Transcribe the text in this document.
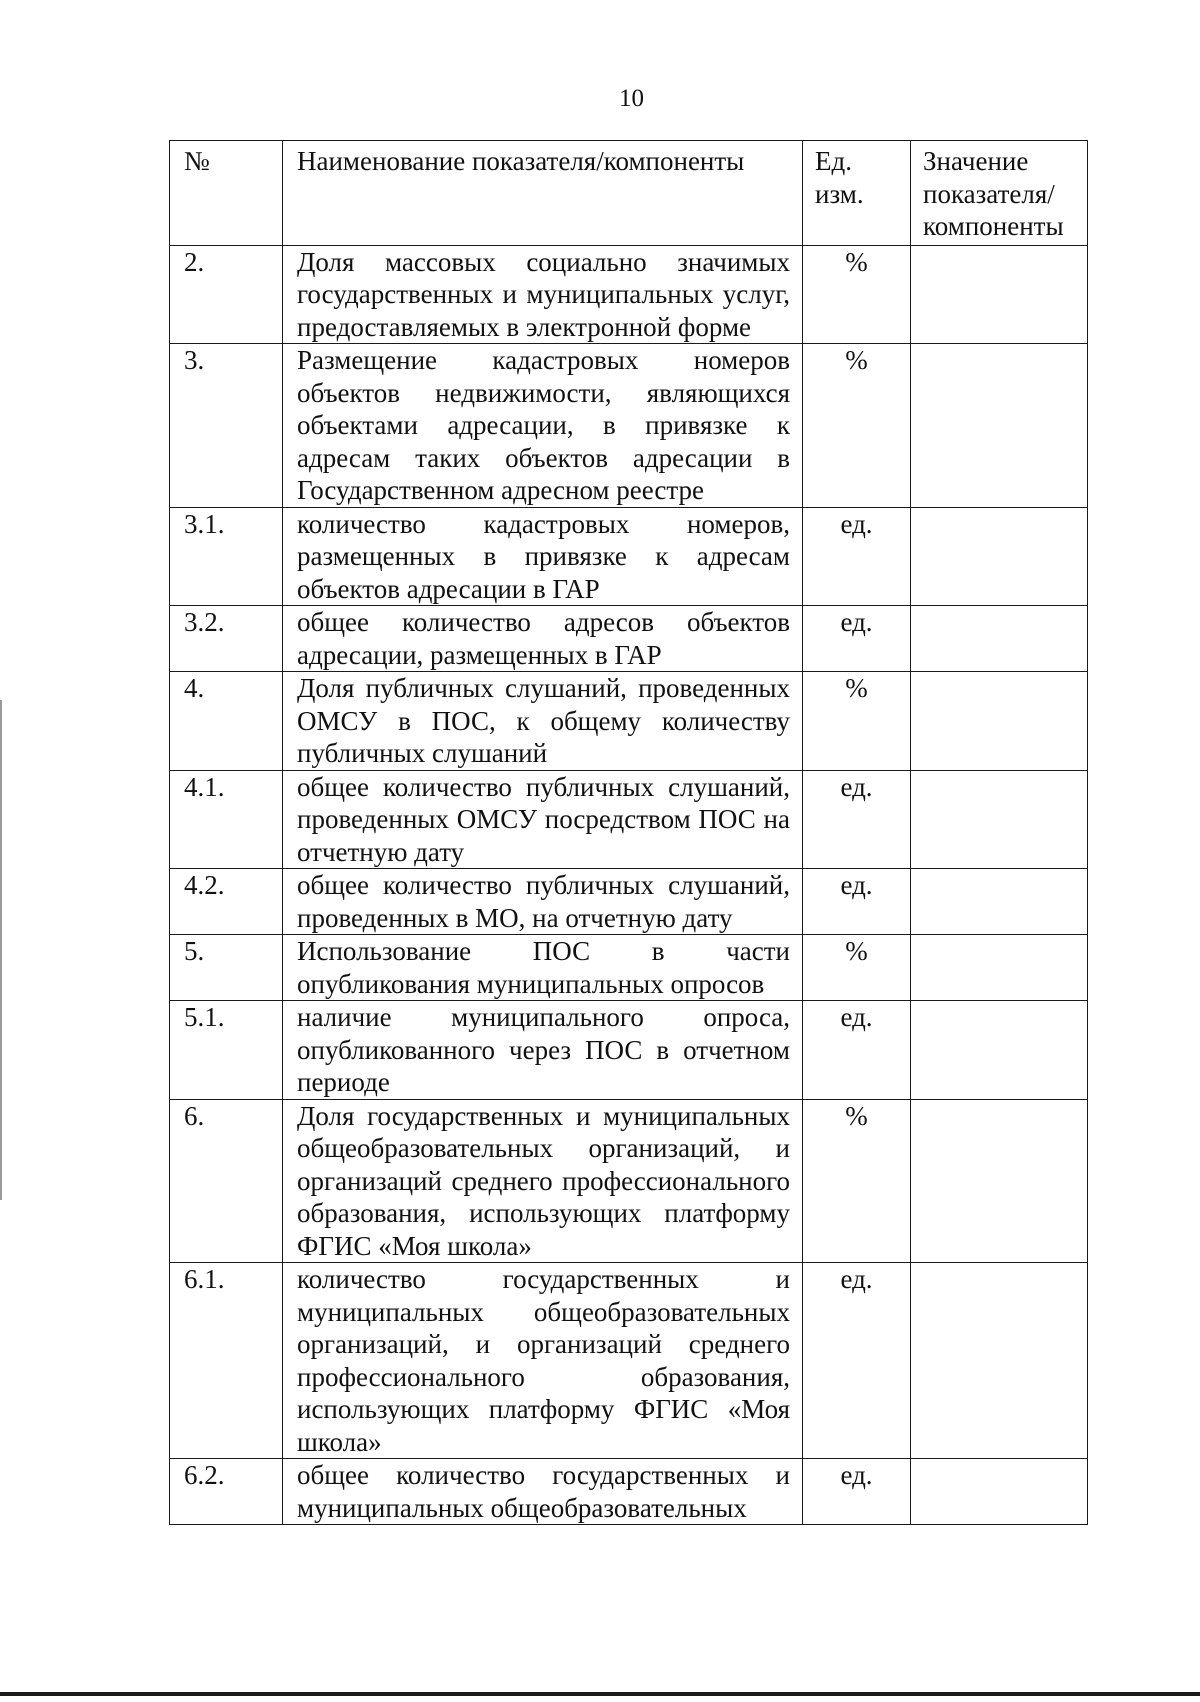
10
№	Наименование показателя/компоненты	Ед. изм.	Значение показателя/ компоненты
2.	Доля массовых социально значимых государственных и муниципальных услуг, предоставляемых в электронной форме	%	
3.	Размещение кадастровых номеров объектов недвижимости, являющихся объектами адресации, в привязке к адресам таких объектов адресации в Государственном адресном реестре	%	
3.1.	количество кадастровых номеров, размещенных в привязке к адресам объектов адресации в ГАР	ед.	
3.2.	общее количество адресов объектов адресации, размещенных в ГАР	ед.	
4.	Доля публичных слушаний, проведенных ОМСУ в ПОС, к общему количеству публичных слушаний	%	
4.1.	общее количество публичных слушаний, проведенных ОМСУ посредством ПОС на отчетную дату	ед.	
4.2.	общее количество публичных слушаний, проведенных в МО, на отчетную дату	ед.	
5.	Использование ПОС в части опубликования муниципальных опросов	%	
5.1.	наличие муниципального опроса, опубликованного через ПОС в отчетном периоде	ед.	
6.	Доля государственных и муниципальных общеобразовательных организаций, и организаций среднего профессионального образования, использующих платформу ФГИС «Моя школа»	%	
6.1.	количество государственных и муниципальных общеобразовательных организаций, и организаций среднего профессионального образования, использующих платформу ФГИС «Моя школа»	ед.	
6.2.	общее количество государственных и муниципальных общеобразовательных	ед.	
